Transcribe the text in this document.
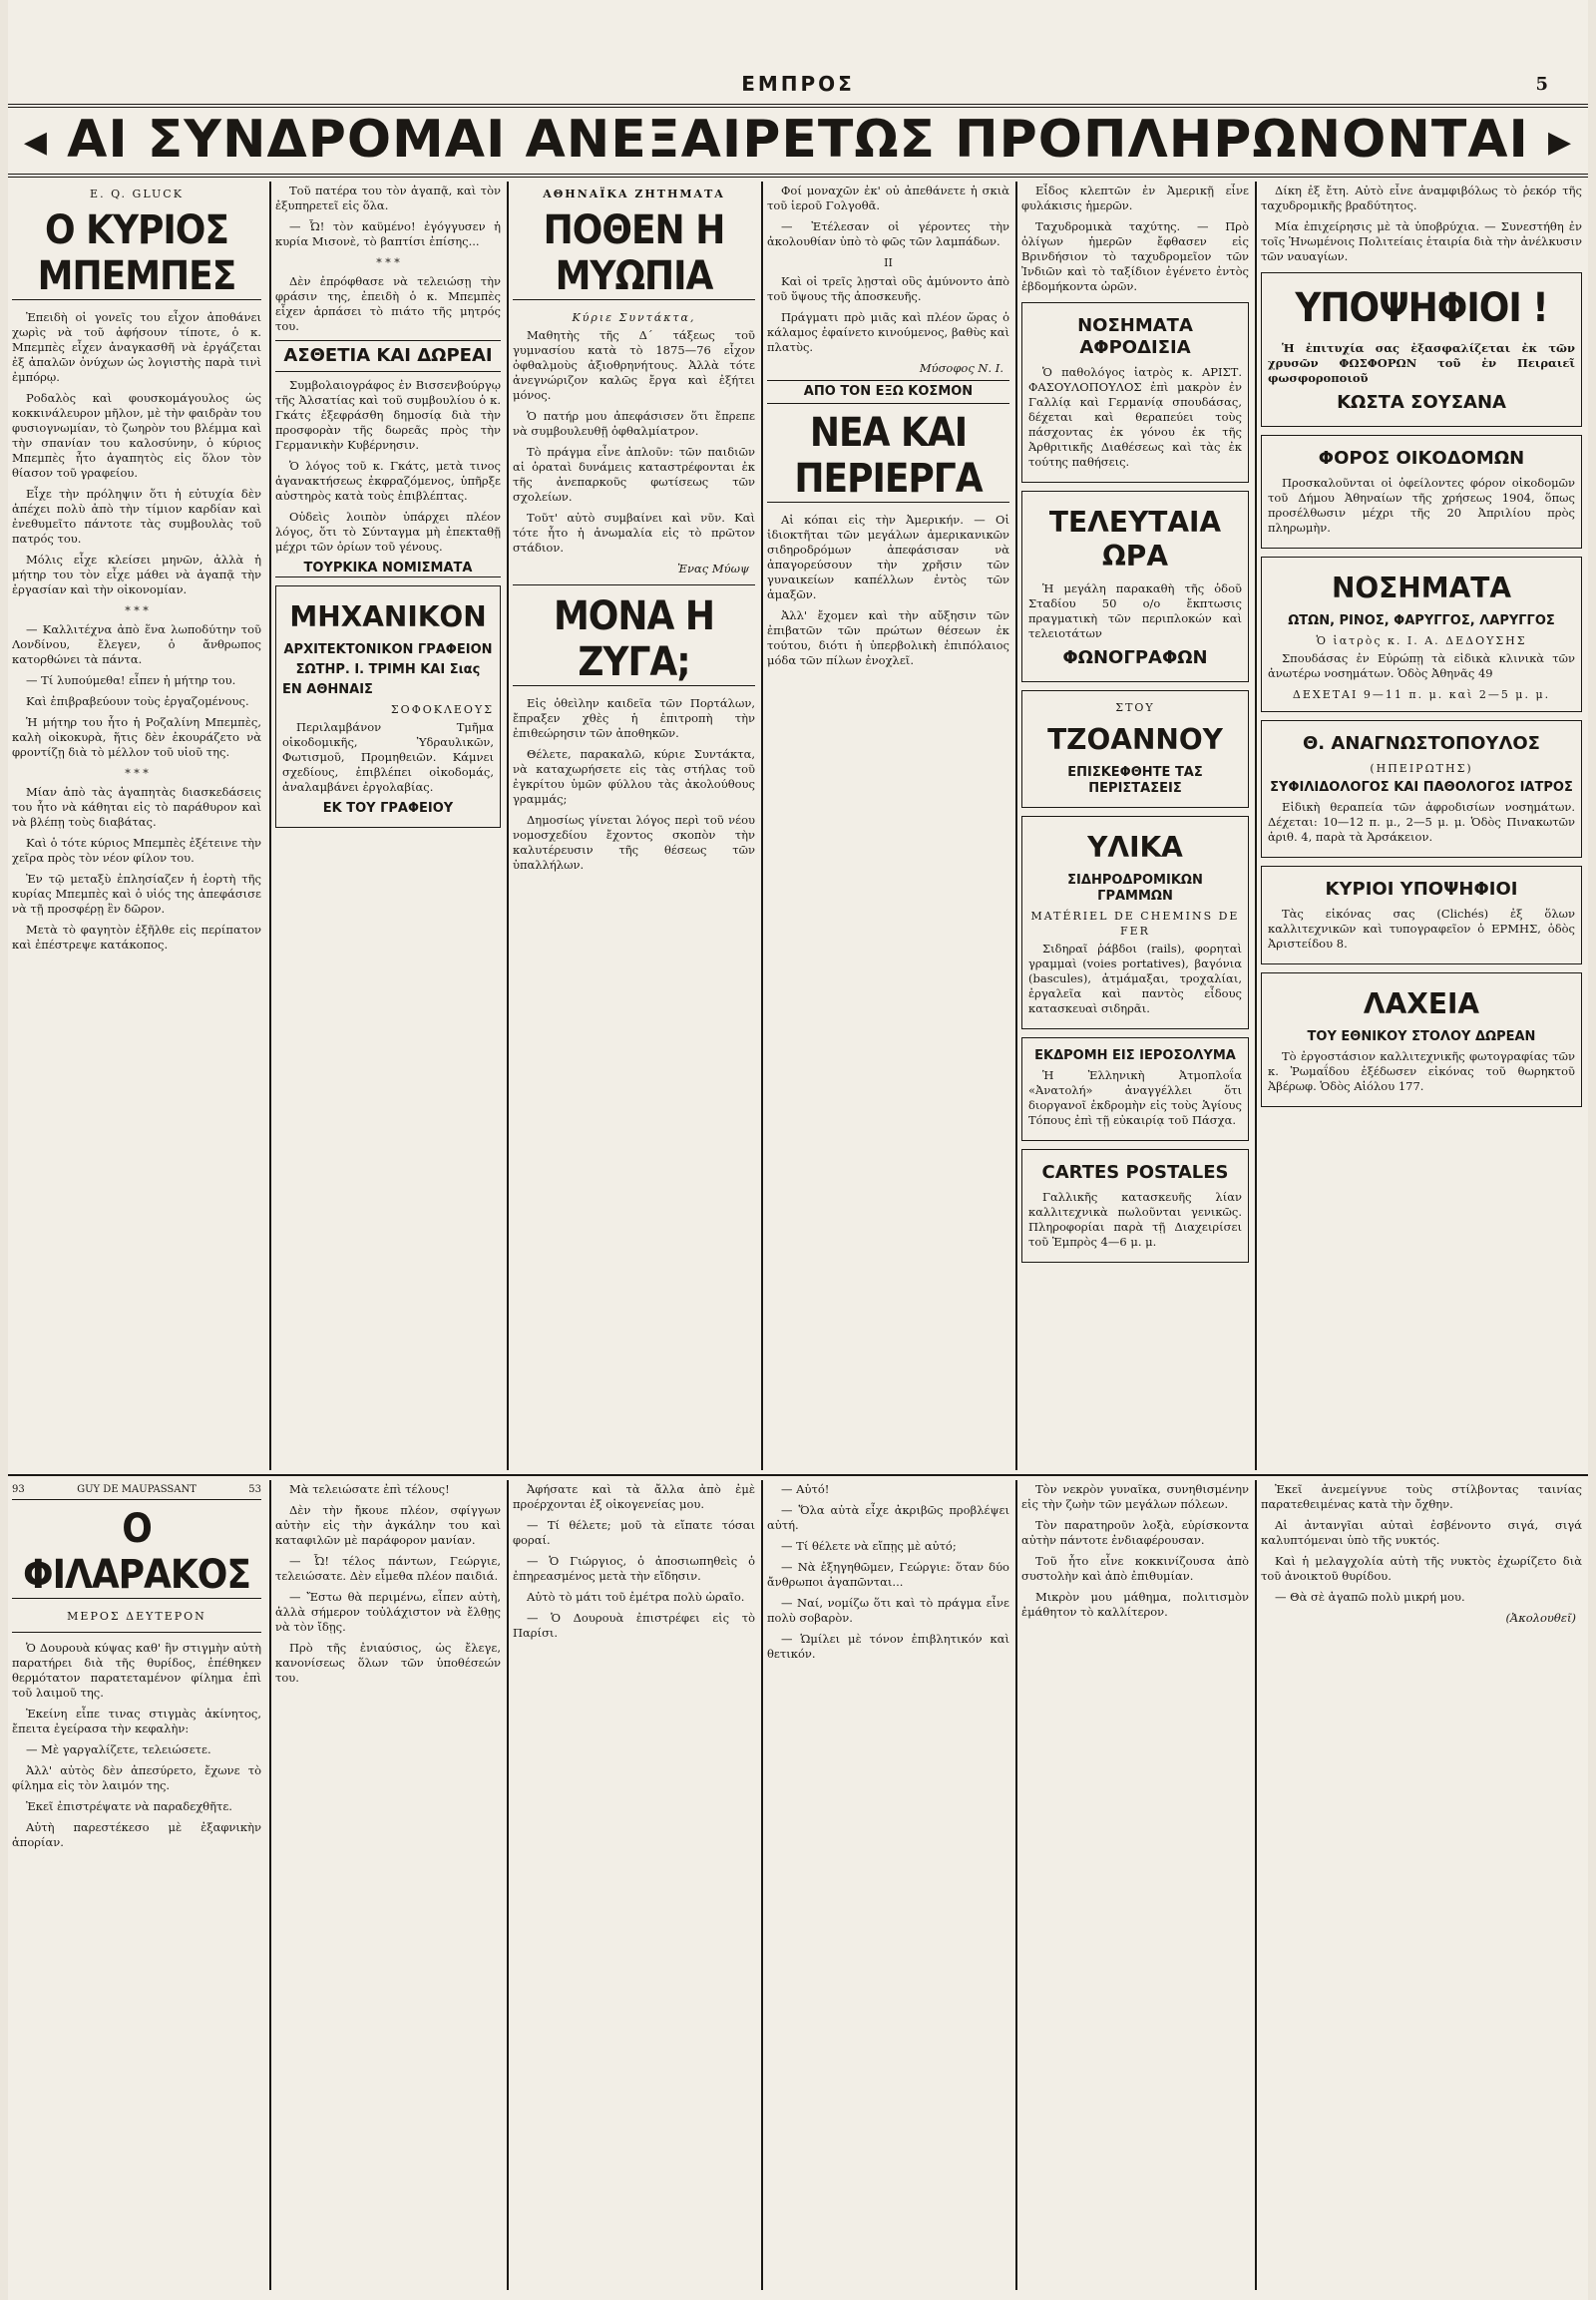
ΕΜΠΡΟΣ	5
◀ ΑΙ ΣΥΝΔΡΟΜΑΙ ΑΝΕΞΑΙΡΕΤΩΣ ΠΡΟΠΛΗΡΩΝΟΝΤΑΙ ▶
E. Q. GLUCK
Ο ΚΥΡΙΟΣ ΜΠΕΜΠΕΣ

Ἐπειδὴ οἱ γονεῖς του εἶχον ἀποθάνει χωρὶς νὰ τοῦ ἀφήσουν τίποτε, ὁ κ. Μπεμπὲς εἶχεν ἀναγκασθῆ νὰ ἐργάζεται ἐξ ἀπαλῶν ὀνύχων ὡς λογιστὴς παρὰ τινὶ ἐμπόρῳ.

Ροδαλὸς καὶ φουσκομάγουλος ὡς κοκκινάλευρον μῆλον, μὲ τὴν φαιδρὰν του φυσιογνωμίαν, τὸ ζωηρὸν του βλέμμα καὶ τὴν σπανίαν του καλοσύνην, ὁ κύριος Μπεμπὲς ἦτο ἀγαπητὸς εἰς ὅλον τὸν θίασον τοῦ γραφείου.

Εἶχε τὴν πρόληψιν ὅτι ἡ εὐτυχία δὲν ἀπέχει πολὺ ἀπὸ τὴν τίμιον καρδίαν καὶ ἐνεθυμεῖτο πάντοτε τὰς συμβουλὰς τοῦ πατρός του.

Μόλις εἶχε κλείσει μηνῶν, ἀλλὰ ἡ μήτηρ του τὸν εἶχε μάθει νὰ ἀγαπᾷ τὴν ἐργασίαν καὶ τὴν οἰκονομίαν.

* * *

— Καλλιτέχνα ἀπὸ ἕνα λωποδύτην τοῦ Λονδίνου, ἔλεγεν, ὁ ἄνθρωπος κατορθώνει τὰ πάντα.

— Τί λυπούμεθα! εἶπεν ἡ μήτηρ του.

Καὶ ἐπιβραβεύουν τοὺς ἐργαζομένους.

Ἡ μήτηρ του ἦτο ἡ Ροζαλίνη Μπεμπὲς, καλὴ οἰκοκυρὰ, ἥτις δὲν ἐκουράζετο νὰ φροντίζῃ διὰ τὸ μέλλον τοῦ υἱοῦ της.

* * *

Μίαν ἀπὸ τὰς ἀγαπητὰς διασκεδάσεις του ἦτο νὰ κάθηται εἰς τὸ παράθυρον καὶ νὰ βλέπῃ τοὺς διαβάτας.

Καὶ ὁ τότε κύριος Μπεμπὲς ἐξέτεινε τὴν χεῖρα πρὸς τὸν νέον φίλον του.

Ἐν τῷ μεταξὺ ἐπλησίαζεν ἡ ἑορτὴ τῆς κυρίας Μπεμπὲς καὶ ὁ υἱός της ἀπεφάσισε νὰ τῇ προσφέρῃ ἓν δῶρον.

Μετὰ τὸ φαγητὸν ἐξῆλθε εἰς περίπατον καὶ ἐπέστρεψε κατάκοπος.

Τοῦ πατέρα του τὸν ἀγαπᾷ, καὶ τὸν ἐξυπηρετεῖ εἰς ὅλα.

— Ὦ! τὸν καϋμένο! ἐγόγγυσεν ἡ κυρία Μισονὲ, τὸ βαπτίσι ἐπίσης...

* * *

Δὲν ἐπρόφθασε νὰ τελειώσῃ τὴν φράσιν της, ἐπειδὴ ὁ κ. Μπεμπὲς εἶχεν ἁρπάσει τὸ πιάτο τῆς μητρός του.

ΑΣΘΕΤΙΑ ΚΑΙ ΔΩΡΕΑΙ

Συμβολαιογράφος ἐν Βισσενβούργῳ τῆς Ἀλσατίας καὶ τοῦ συμβουλίου ὁ κ. Γκάτς ἐξεφράσθη δημοσίᾳ διὰ τὴν προσφορὰν τῆς δωρεᾶς πρὸς τὴν Γερμανικὴν Κυβέρνησιν.

Ὁ λόγος τοῦ κ. Γκάτς, μετὰ τινος ἀγανακτήσεως ἐκφραζόμενος, ὑπῆρξε αὐστηρὸς κατὰ τοὺς ἐπιβλέπτας.

Οὐδεὶς λοιπὸν ὑπάρχει πλέον λόγος, ὅτι τὸ Σύνταγμα μὴ ἐπεκταθῇ μέχρι τῶν ὁρίων τοῦ γένους.

ΤΟΥΡΚΙΚΑ ΝΟΜΙΣΜΑΤΑ
ΜΗΧΑΝΙΚΟΝ
ΑΡΧΙΤΕΚΤΟΝΙΚΟΝ ΓΡΑΦΕΙΟΝ
ΣΩΤΗΡ. Ι. ΤΡΙΜΗ ΚΑΙ Σιας
ΕΝ ΑΘΗΝΑΙΣ
ΣΟΦΟΚΛΕΟΥΣ

Περιλαμβάνον Τμῆμα οἰκοδομικῆς, Ὑδραυλικῶν, Φωτισμοῦ, Προμηθειῶν. Κάμνει σχεδίους, ἐπιβλέπει οἰκοδομάς, ἀναλαμβάνει ἐργολαβίας.

ΕΚ ΤΟΥ ΓΡΑΦΕΙΟΥ
ΑΘΗΝΑΪΚΑ ΖΗΤΗΜΑΤΑ
ΠΟΘΕΝ Η ΜΥΩΠΙΑ
Κύριε Συντάκτα,

Μαθητὴς τῆς Δ΄ τάξεως τοῦ γυμνασίου κατὰ τὸ 1875—76 εἶχον ὀφθαλμοὺς ἀξιοθρηνήτους. Ἀλλὰ τότε ἀνεγνώριζον καλῶς ἔργα καὶ ἐξήτει μόνος.

Ὁ πατήρ μου ἀπεφάσισεν ὅτι ἔπρεπε νὰ συμβουλευθῇ ὀφθαλμίατρον.

Τὸ πράγμα εἶνε ἀπλοῦν: τῶν παιδιῶν αἱ ὁραταὶ δυνάμεις καταστρέφονται ἐκ τῆς ἀνεπαρκοῦς φωτίσεως τῶν σχολείων.

Τοῦτ' αὐτὸ συμβαίνει καὶ νῦν. Καὶ τότε ἦτο ἡ ἀνωμαλία εἰς τὸ πρῶτον στάδιον.

Ἐνας Μύωψ
ΜΟΝΑ Η ΖΥΓΑ;

Εἰς ὀθεὶλην καιδεῖα τῶν Πορτάλων, ἔπραξεν χθὲς ἡ ἐπιτροπὴ τὴν ἐπιθεώρησιν τῶν ἀποθηκῶν.

Θέλετε, παρακαλῶ, κύριε Συντάκτα, νὰ καταχωρήσετε εἰς τὰς στήλας τοῦ ἐγκρίτου ὑμῶν φύλλου τὰς ἀκολούθους γραμμάς;

Δημοσίως γίνεται λόγος περὶ τοῦ νέου νομοσχεδίου ἔχοντος σκοπὸν τὴν καλυτέρευσιν τῆς θέσεως τῶν ὑπαλλήλων.

Φοί μοναχῶν ἐκ' οὐ ἀπεθάνετε ἡ σκιὰ τοῦ ἱεροῦ Γολγοθᾶ.

— Ἐτέλεσαν οἱ γέροντες τὴν ἀκολουθίαν ὑπὸ τὸ φῶς τῶν λαμπάδων.

ΙΙ

Καὶ οἱ τρεῖς λῃσταὶ οὓς ἀμύνοντο ἀπὸ τοῦ ὕψους τῆς ἀποσκευῆς.

Πράγματι πρὸ μιᾶς καὶ πλέον ὥρας ὁ κάλαμος ἐφαίνετο κινούμενος, βαθὺς καὶ πλατὺς.

Μύσοφος Ν. Ι.
ΑΠΟ ΤΟΝ ΕΞΩ ΚΟΣΜΟΝ
ΝΕΑ ΚΑΙ ΠΕΡΙΕΡΓΑ

Αἱ κόπαι εἰς τὴν Ἀμερικήν. — Οἱ ἰδιοκτῆται τῶν μεγάλων ἀμερικανικῶν σιδηροδρόμων ἀπεφάσισαν νὰ ἀπαγορεύσουν τὴν χρῆσιν τῶν γυναικείων καπέλλων ἐντὸς τῶν ἁμαξῶν.

Ἀλλ' ἔχομεν καὶ τὴν αὔξησιν τῶν ἐπιβατῶν τῶν πρώτων θέσεων ἐκ τούτου, διότι ἡ ὑπερβολικὴ ἐπιπόλαιος μόδα τῶν πίλων ἐνοχλεῖ.

Εἶδος κλεπτῶν ἐν Ἀμερικῇ εἶνε φυλάκισις ἡμερῶν.

Ταχυδρομικὰ ταχύτης. — Πρὸ ὀλίγων ἡμερῶν ἔφθασεν εἰς Βρινδήσιον τὸ ταχυδρομεῖον τῶν Ἰνδιῶν καὶ τὸ ταξίδιον ἐγένετο ἐντὸς ἑβδομήκοντα ὡρῶν.

ΝΟΣΗΜΑΤΑ ΑΦΡΟΔΙΣΙΑ

Ὁ παθολόγος ἰατρὸς κ. ΑΡΙΣΤ. ΦΑΣΟΥΛΟΠΟΥΛΟΣ ἐπὶ μακρὸν ἐν Γαλλίᾳ καὶ Γερμανίᾳ σπουδάσας, δέχεται καὶ θεραπεύει τοὺς πάσχοντας ἐκ γόνου ἐκ τῆς Ἀρθριτικῆς Διαθέσεως καὶ τὰς ἐκ τούτης παθήσεις.

ΤΕΛΕΥΤΑΙΑ ΩΡΑ

Ἡ μεγάλη παρακαθὴ τῆς ὁδοῦ Σταδίου 50 ο/ο ἔκπτωσις πραγματικὴ τῶν περιπλοκών καὶ τελειοτάτων

ΦΩΝΟΓΡΑΦΩΝ
ΣΤΟΥ
ΤΖΟΑΝΝΟΥ
ΕΠΙΣΚΕΦΘΗΤΕ ΤΑΣ ΠΕΡΙΣΤΑΣΕΙΣ
ΥΛΙΚΑ
ΣΙΔΗΡΟΔΡΟΜΙΚΩΝ ΓΡΑΜΜΩΝ
MATÉRIEL DE CHEMINS DE FER

Σιδηραῖ ῥάβδοι (rails), φορηταὶ γραμμαὶ (voies portatives), βαγόνια (bascules), ἀτμάμαξαι, τροχαλίαι, ἐργαλεῖα καὶ παντὸς εἶδους κατασκευαὶ σιδηρᾶι.

ΕΚΔΡΟΜΗ ΕΙΣ ΙΕΡΟΣΟΛΥΜΑ

Ἡ Ἑλληνικὴ Ἀτμοπλοΐα «Ἀνατολή» ἀναγγέλλει ὅτι διοργανοῖ ἐκδρομὴν εἰς τοὺς Ἁγίους Τόπους ἐπὶ τῇ εὐκαιρίᾳ τοῦ Πάσχα.

CARTES POSTALES

Γαλλικῆς κατασκευῆς λίαν καλλιτεχνικὰ πωλοῦνται γενικῶς. Πληροφορίαι παρὰ τῇ Διαχειρίσει τοῦ Ἐμπρὸς 4—6 μ. μ.

Δίκη ἐξ ἔτη. Αὐτὸ εἶνε ἀναμφιβόλως τὸ ῥεκόρ τῆς ταχυδρομικῆς βραδύτητος.

Μία ἐπιχείρησις μὲ τὰ ὑποβρύχια. — Συνεστήθη ἐν τοῖς Ἡνωμένοις Πολιτείαις ἑταιρία διὰ τὴν ἀνέλκυσιν τῶν ναυαγίων.

ΥΠΟΨΗΦΙΟΙ !

Ἡ ἐπιτυχία σας ἐξασφαλίζεται ἐκ τῶν χρυσῶν ΦΩΣΦΟΡΩΝ τοῦ ἐν Πειραιεῖ φωσφοροποιοῦ

ΚΩΣΤΑ ΣΟΥΣΑΝΑ
ΦΟΡΟΣ ΟΙΚΟΔΟΜΩΝ

Προσκαλοῦνται οἱ ὀφείλοντες φόρον οἰκοδομῶν τοῦ Δήμου Ἀθηναίων τῆς χρήσεως 1904, ὅπως προσέλθωσιν μέχρι τῆς 20 Ἀπριλίου πρὸς πληρωμὴν.

ΝΟΣΗΜΑΤΑ
ΩΤΩΝ, ΡΙΝΟΣ, ΦΑΡΥΓΓΟΣ, ΛΑΡΥΓΓΟΣ
Ὁ ἰατρὸς κ. Ι. Α. ΔΕΔΟΥΣΗΣ

Σπουδάσας ἐν Εὐρώπῃ τὰ εἰδικὰ κλινικὰ τῶν ἀνωτέρω νοσημάτων. Ὁδὸς Ἀθηνᾶς 49

ΔΕΧΕΤΑΙ 9—11 π. μ. καὶ 2—5 μ. μ.
Θ. ΑΝΑΓΝΩΣΤΟΠΟΥΛΟΣ
(ΗΠΕΙΡΩΤΗΣ)
ΣΥΦΙΛΙΔΟΛΟΓΟΣ ΚΑΙ ΠΑΘΟΛΟΓΟΣ ΙΑΤΡΟΣ

Εἰδικὴ θεραπεία τῶν ἀφροδισίων νοσημάτων. Δέχεται: 10—12 π. μ., 2—5 μ. μ. Ὁδὸς Πινακωτῶν ἀριθ. 4, παρὰ τὰ Ἀρσάκειον.

ΚΥΡΙΟΙ ΥΠΟΨΗΦΙΟΙ

Τὰς εἰκόνας σας (Clichés) ἐξ ὅλων καλλιτεχνικῶν καὶ τυπογραφεῖον ὁ ΕΡΜΗΣ, ὁδὸς Ἀριστείδου 8.

ΛΑΧΕΙΑ
ΤΟΥ ΕΘΝΙΚΟΥ ΣΤΟΛΟΥ ΔΩΡΕΑΝ

Τὸ ἐργοστάσιον καλλιτεχνικῆς φωτογραφίας τῶν κ. Ῥωμαΐδου ἐξέδωσεν εἰκόνας τοῦ θωρηκτοῦ Ἀβέρωφ. Ὁδὸς Αἰόλου 177.

93	GUY DE MAUPASSANT	53
Ο ΦΙΛΑΡΑΚΟΣ
ΜΕΡΟΣ ΔΕΥΤΕΡΟΝ

Ὁ Δουρουὰ κύψας καθ' ἣν στιγμὴν αὐτὴ παρατήρει διὰ τῆς θυρίδος, ἐπέθηκεν θερμότατον παρατεταμένον φίλημα ἐπὶ τοῦ λαιμοῦ της.

Ἐκείνη εἶπε τινας στιγμὰς ἀκίνητος, ἔπειτα ἐγείρασα τὴν κεφαλὴν:

— Μὲ γαργαλίζετε, τελειώσετε.

Ἀλλ' αὐτὸς δὲν ἀπεσύρετο, ἔχωνε τὸ φίλημα εἰς τὸν λαιμόν της.

Ἐκεῖ ἐπιστρέψατε νὰ παραδεχθῆτε.

Αὐτὴ παρεστέκεσο μὲ ἐξαφνικὴν ἀπορίαν.

Μὰ τελειώσατε ἐπὶ τέλους!

Δὲν τὴν ἤκουε πλέον, σφίγγων αὐτὴν εἰς τὴν ἀγκάλην του καὶ καταφιλῶν μὲ παράφορον μανίαν.

— Ὦ! τέλος πάντων, Γεώργιε, τελειώσατε. Δὲν εἶμεθα πλέον παιδιά.

— Ἔστω θὰ περιμένω, εἶπεν αὐτὴ, ἀλλὰ σήμερον τοὐλάχιστον νὰ ἔλθῃς νὰ τὸν ἴδῃς.

Πρὸ τῆς ἐνιαύσιος, ὡς ἔλεγε, κανονίσεως ὅλων τῶν ὑποθέσεών του.

Ἀφήσατε καὶ τὰ ἄλλα ἀπὸ ἐμὲ προέρχονται ἐξ οἰκογενείας μου.

— Τί θέλετε; μοῦ τὰ εἴπατε τόσαι φοραί.

— Ὁ Γιώργιος, ὁ ἀποσιωπηθεὶς ὁ ἐπηρεασμένος μετὰ τὴν εἴδησιν.

Αὐτὸ τὸ μάτι τοῦ ἐμέτρα πολὺ ὡραῖο.

— Ὁ Δουρουὰ ἐπιστρέφει εἰς τὸ Παρίσι.

— Αὐτό!

— Ὅλα αὐτὰ εἶχε ἀκριβῶς προβλέψει αὐτή.

— Τί θέλετε νὰ εἴπῃς μὲ αὐτό;

— Νὰ ἐξηγηθῶμεν, Γεώργιε: ὅταν δύο ἄνθρωποι ἀγαπῶνται...

— Ναί, νομίζω ὅτι καὶ τὸ πράγμα εἶνε πολὺ σοβαρὸν.

— Ὡμίλει μὲ τόνον ἐπιβλητικόν καὶ θετικόν.

Τὸν νεκρὸν γυναῖκα, συνηθισμένην εἰς τὴν ζωὴν τῶν μεγάλων πόλεων.

Τὸν παρατηροῦν λοξὰ, εὑρίσκοντα αὐτὴν πάντοτε ἐνδιαφέρουσαν.

Τοῦ ἦτο εἶνε κοκκινίζουσα ἀπὸ συστολὴν καὶ ἀπὸ ἐπιθυμίαν.

Μικρὸν μου μάθημα, πολιτισμὸν ἐμάθητον τὸ καλλίτερον.

Ἐκεῖ ἀνεμείγνυε τοὺς στίλβοντας ταινίας παρατεθειμένας κατὰ τὴν ὄχθην.

Αἱ ἀντανγῖαι αὐταὶ ἐσβένοντο σιγά, σιγά καλυπτόμεναι ὑπὸ τῆς νυκτός.

Καὶ ἡ μελαγχολία αὐτὴ τῆς νυκτὸς ἐχωρίζετο διὰ τοῦ ἀνοικτοῦ θυρίδου.

— Θὰ σὲ ἀγαπῶ πολὺ μικρή μου.

(Ἀκολουθεῖ)
